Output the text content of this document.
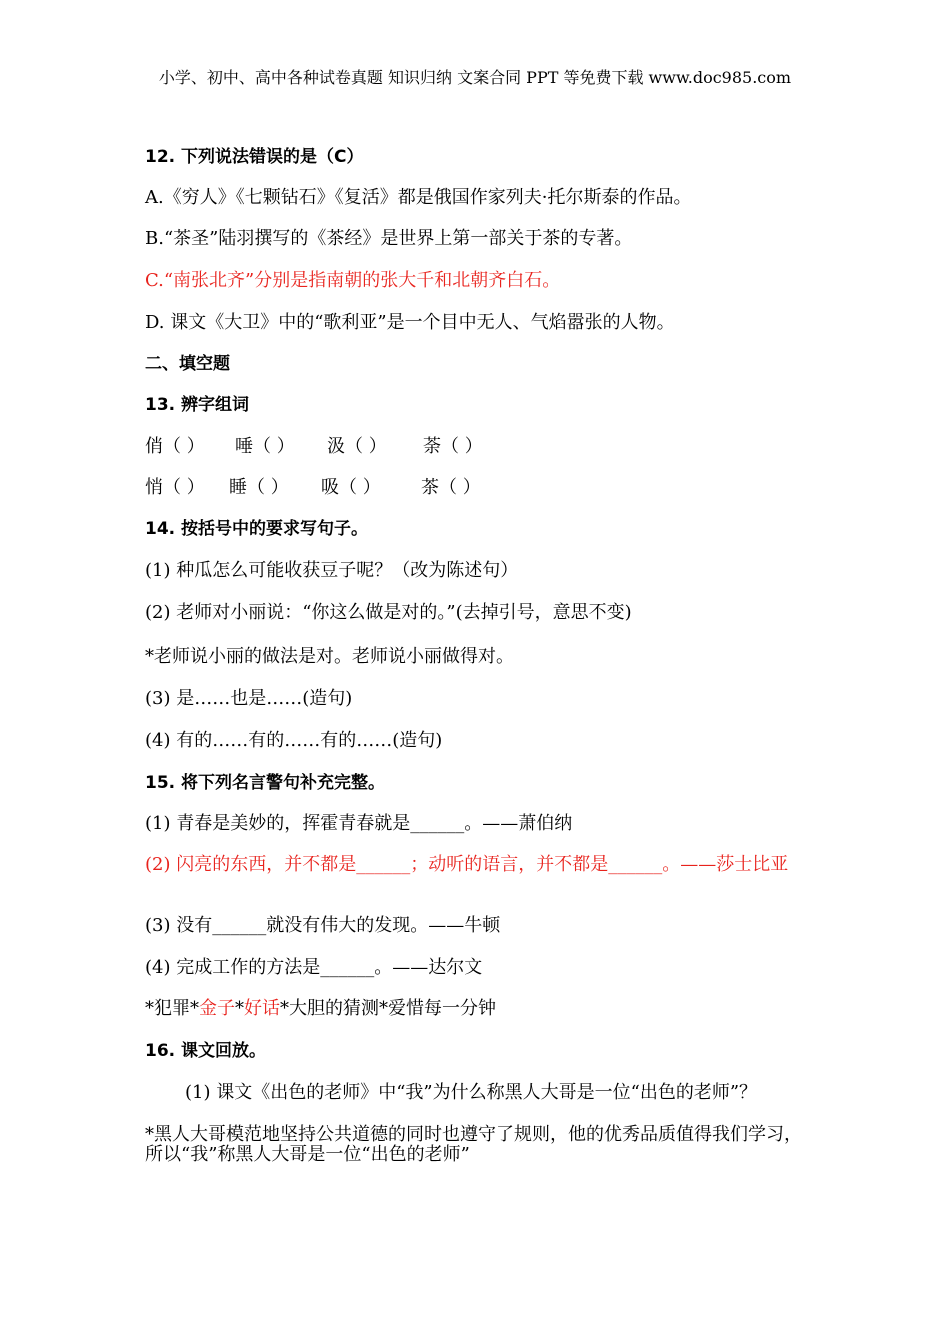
小学、初中、高中各种试卷真题 知识归纳 文案合同 PPT 等免费下载 www.doc985.com
12. 下列说法错误的是（C）
A.《穷人》《七颗钻石》《复活》都是俄国作家列夫·托尔斯泰的作品。
B.“茶圣”陆羽撰写的《茶经》是世界上第一部关于茶的专著。
C.“南张北齐”分别是指南朝的张大千和北朝齐白石。
D. 课文《大卫》中的“歌利亚”是一个目中无人、气焰嚣张的人物。
二、填空题
13. 辨字组词
俏（ ） 唾（ ） 汲（ ） 荼（ ）
悄（ ） 睡（ ） 吸（ ） 茶（ ）
14. 按括号中的要求写句子。
(1) 种瓜怎么可能收获豆子呢？（改为陈述句）
(2) 老师对小丽说：“你这么做是对的。”(去掉引号，意思不变)
*老师说小丽的做法是对。老师说小丽做得对。
(3) 是……也是……(造句)
(4) 有的……有的……有的……(造句)
15. 将下列名言警句补充完整。
(1) 青春是美妙的，挥霍青春就是______。——萧伯纳
(2) 闪亮的东西，并不都是______；动听的语言，并不都是______。——莎士比亚
(3) 没有______就没有伟大的发现。——牛顿
(4) 完成工作的方法是______。——达尔文
*犯罪*金子*好话*大胆的猜测*爱惜每一分钟
16. 课文回放。
(1) 课文《出色的老师》中“我”为什么称黑人大哥是一位“出色的老师”？
*黑人大哥模范地坚持公共道德的同时也遵守了规则，他的优秀品质值得我们学习，所以“我”称黑人大哥是一位“出色的老师”
